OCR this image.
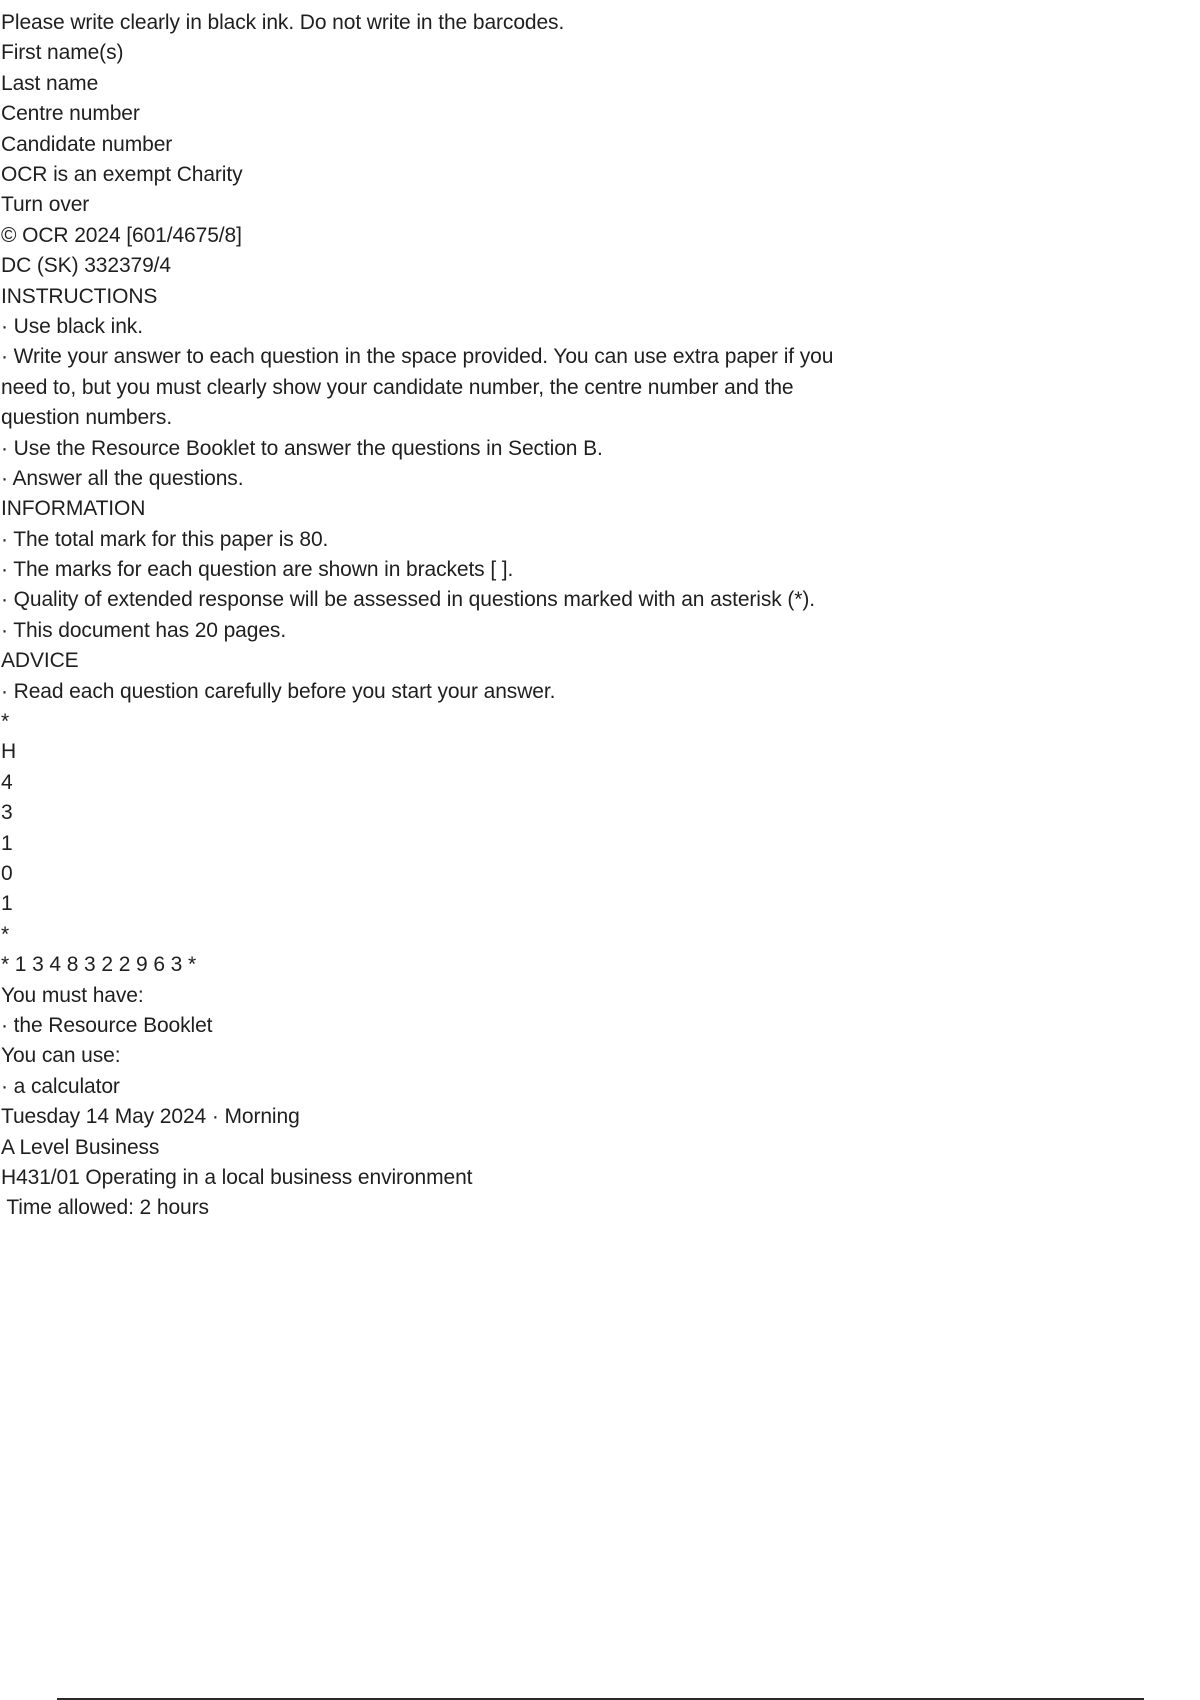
Please write clearly in black ink. Do not write in the barcodes.
First name(s)
Last name
Centre number
Candidate number
OCR is an exempt Charity
Turn over
© OCR 2024 [601/4675/8]
DC (SK) 332379/4
INSTRUCTIONS
· Use black ink.
· Write your answer to each question in the space provided. You can use extra paper if you need to, but you must clearly show your candidate number, the centre number and the question numbers.
· Use the Resource Booklet to answer the questions in Section B.
· Answer all the questions.
INFORMATION
· The total mark for this paper is 80.
· The marks for each question are shown in brackets [ ].
· Quality of extended response will be assessed in questions marked with an asterisk (*).
· This document has 20 pages.
ADVICE
· Read each question carefully before you start your answer.
*
H
4
3
1
0
1
*
* 1 3 4 8 3 2 2 9 6 3 *
You must have:
· the Resource Booklet
You can use:
· a calculator
Tuesday 14 May 2024 · Morning
A Level Business
H431/01 Operating in a local business environment
Time allowed: 2 hours
